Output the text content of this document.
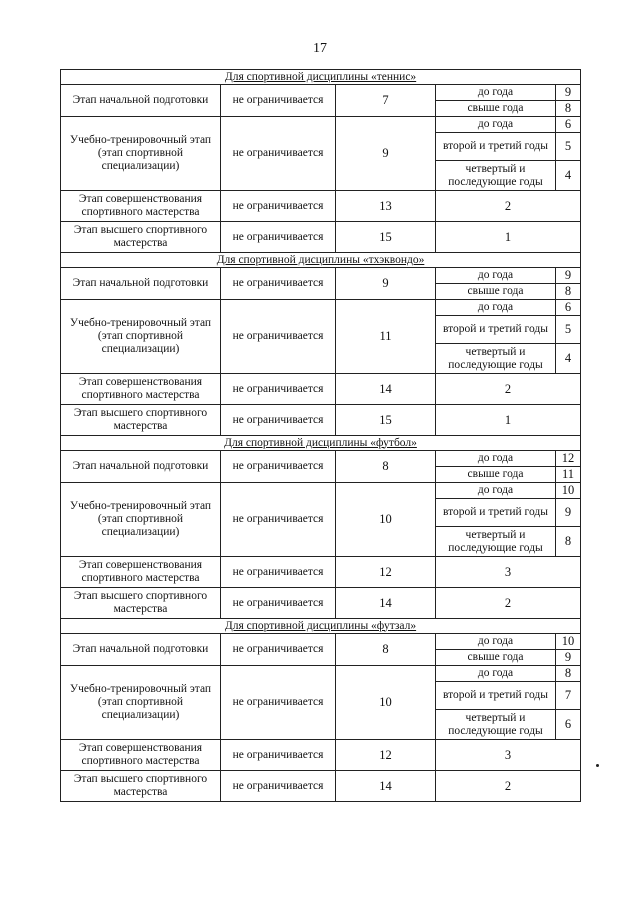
17
Для спортивной дисциплины «теннис»				
Этап начальной подготовки	не ограничивается	7	до года	9
			свыше года	8
Учебно-тренировочный этап (этап спортивной специализации)	не ограничивается	9	до года	6
			второй и третий годы	5
			четвертый и последующие годы	4
Этап совершенствования спортивного мастерства	не ограничивается	13	2	
Этап высшего спортивного мастерства	не ограничивается	15	1	
Для спортивной дисциплины «тхэквондо»				
Этап начальной подготовки	не ограничивается	9	до года	9
			свыше года	8
Учебно-тренировочный этап (этап спортивной специализации)	не ограничивается	11	до года	6
			второй и третий годы	5
			четвертый и последующие годы	4
Этап совершенствования спортивного мастерства	не ограничивается	14	2	
Этап высшего спортивного мастерства	не ограничивается	15	1	
Для спортивной дисциплины «футбол»				
Этап начальной подготовки	не ограничивается	8	до года	12
			свыше года	11
Учебно-тренировочный этап (этап спортивной специализации)	не ограничивается	10	до года	10
			второй и третий годы	9
			четвертый и последующие годы	8
Этап совершенствования спортивного мастерства	не ограничивается	12	3	
Этап высшего спортивного мастерства	не ограничивается	14	2	
Для спортивной дисциплины «футзал»				
Этап начальной подготовки	не ограничивается	8	до года	10
			свыше года	9
Учебно-тренировочный этап (этап спортивной специализации)	не ограничивается	10	до года	8
			второй и третий годы	7
			четвертый и последующие годы	6
Этап совершенствования спортивного мастерства	не ограничивается	12	3	
Этап высшего спортивного мастерства	не ограничивается	14	2	
